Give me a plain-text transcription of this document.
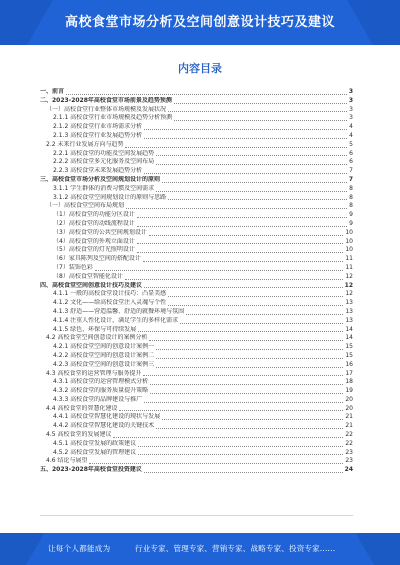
高校食堂市场分析及空间创意设计技巧及建议
内容目录
一、前言	3
二、2023-2028年高校食堂市场前景及趋势预测	3
（一）高校食堂行业整体市场规模及发展状况	3
2.1.1 高校食堂行业市场规模及趋势分析预测	3
2.1.2 高校食堂行业市场需求分析	4
2.1.3 高校食堂行业发展趋势分析	4
2.2 未来行业发展方向与趋势	5
2.2.1 高校食堂的功能及空间发展趋势	6
2.2.2 高校食堂多元化服务及空间布局	6
2.2.3 高校食堂未来发展趋势分析	7
三、高校食堂市场分析及空间规划设计的原则	7
3.1.1 学生群体的消费习惯及空间需求	8
3.1.2 高校食堂空间规划设计的原则与思路	8
（一）高校食堂空间布局规划	8
（1）高校食堂的功能分区设计	9
（2）高校食堂的动线流程设计	9
（3）高校食堂的公共空间规划设计	10
（4）高校食堂的外观立面设计	10
（5）高校食堂的灯光照明设计	10
（6）家具陈列及空间的搭配设计	11
（7）装饰色彩	11
（8）高校食堂智能化设计	12
四、高校食堂空间创意设计技巧及建议	12
4.1.1 一般的高校食堂设计技巧：凸显美感	12
4.1.2 文化——给高校食堂注入灵魂与个性	13
4.1.3 舒适——营造温馨、舒适的就餐环境与氛围	13
4.1.4 注重人性化设计，满足学生的多样化需求	13
4.1.5 绿色、环保与可持续发展	14
4.2 高校食堂空间创意设计的案例分析	14
4.2.1 高校食堂空间的创意设计案例一	15
4.2.2 高校食堂空间的创意设计案例二	15
4.2.3 高校食堂空间的创意设计案例三	16
4.3 高校食堂的运营管理与服务提升	17
4.3.1 高校食堂的运营管理模式分析	18
4.3.2 高校食堂的服务质量提升策略	19
4.3.3 高校食堂的品牌建设与推广	20
4.4 高校食堂的智慧化建设	20
4.4.1 高校食堂智慧化建设的现状与发展	21
4.4.2 高校食堂智慧化建设的关键技术	21
4.5 高校食堂的发展建议	22
4.5.1 高校食堂发展的政策建议	22
4.5.2 高校食堂发展的管理建议	23
4.6 结论与展望	23
五、2023-2028年高校食堂投资建议	24
让每个人都能成为	行业专家、管理专家、营销专家、战略专家、投资专家......
